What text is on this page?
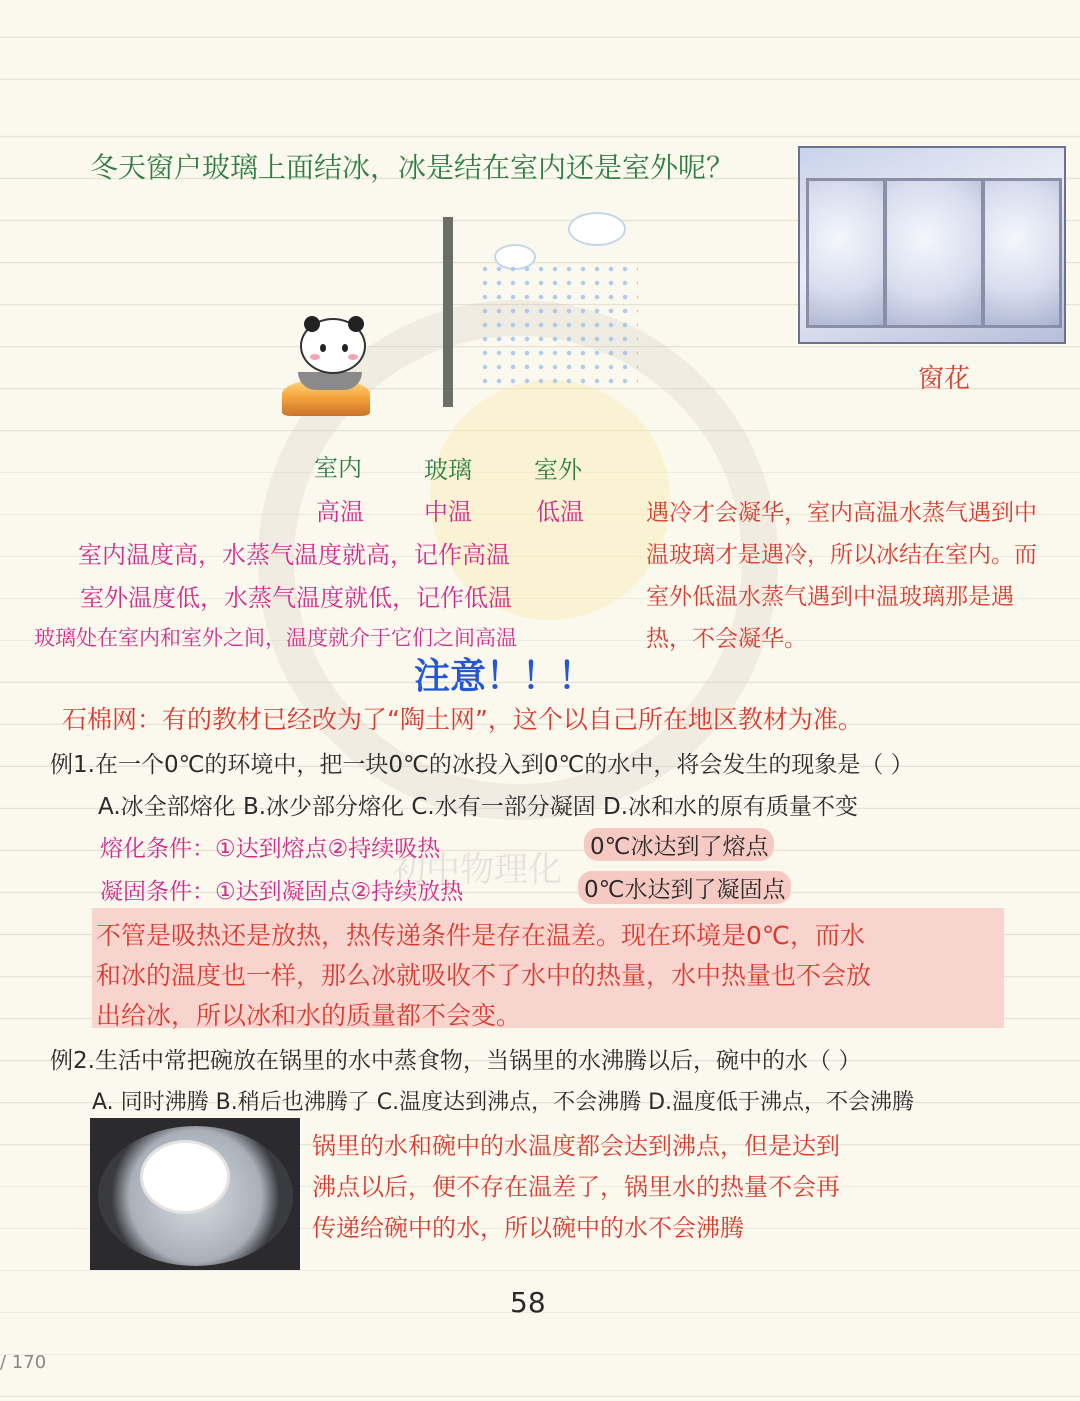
冬天窗户玻璃上面结冰，冰是结在室内还是室外呢？
窗花
室内	玻璃	室外
高温	中温	低温
室内温度高，水蒸气温度就高，记作高温
室外温度低，水蒸气温度就低，记作低温
玻璃处在室内和室外之间，温度就介于它们之间高温
遇冷才会凝华，室内高温水蒸气遇到中
温玻璃才是遇冷，所以冰结在室内。而
室外低温水蒸气遇到中温玻璃那是遇
热，不会凝华。
注意！！！
石棉网：有的教材已经改为了“陶土网”，这个以自己所在地区教材为准。
例1.在一个0℃的环境中，把一块0℃的冰投入到0℃的水中，将会发生的现象是（ ）
A.冰全部熔化 B.冰少部分熔化 C.水有一部分凝固 D.冰和水的原有质量不变
熔化条件：①达到熔点②持续吸热	0℃冰达到了熔点
凝固条件：①达到凝固点②持续放热	0℃水达到了凝固点
不管是吸热还是放热，热传递条件是存在温差。现在环境是0℃，而水
和冰的温度也一样，那么冰就吸收不了水中的热量，水中热量也不会放
出给冰，所以冰和水的质量都不会变。
例2.生活中常把碗放在锅里的水中蒸食物，当锅里的水沸腾以后，碗中的水（ ）
A. 同时沸腾 B.稍后也沸腾了 C.温度达到沸点，不会沸腾 D.温度低于沸点，不会沸腾
锅里的水和碗中的水温度都会达到沸点，但是达到
沸点以后，便不存在温差了，锅里水的热量不会再
传递给碗中的水，所以碗中的水不会沸腾
初中物理化
58
/ 170
